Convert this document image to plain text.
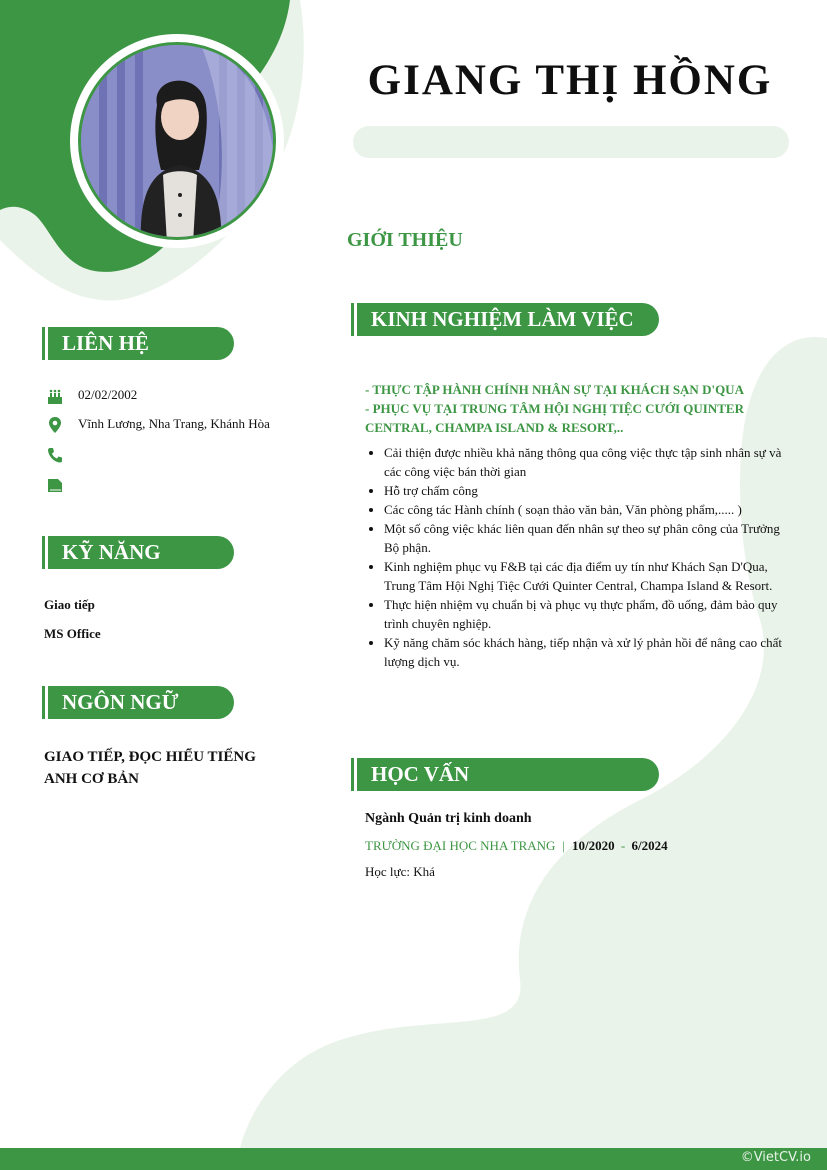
GIANG THỊ HỒNG
GIỚI THIỆU
LIÊN HỆ
02/02/2002
Vĩnh Lương, Nha Trang, Khánh Hòa
KỸ NĂNG
Giao tiếp
MS Office
NGÔN NGỮ
GIAO TIẾP, ĐỌC HIỂU TIẾNG ANH CƠ BẢN
KINH NGHIỆM LÀM VIỆC
- THỰC TẬP HÀNH CHÍNH NHÂN SỰ TẠI KHÁCH SẠN D'QUA
- PHỤC VỤ TẠI TRUNG TÂM HỘI NGHỊ TIỆC CƯỚI QUINTER
CENTRAL, CHAMPA ISLAND & RESORT,..
• Cải thiện được nhiều khả năng thông qua công việc thực tập sinh nhân sự và các công việc bán thời gian
• Hỗ trợ chấm công
• Các công tác Hành chính ( soạn thảo văn bản, Văn phòng phẩm,..... )
• Một số công việc khác liên quan đến nhân sự theo sự phân công của Trưởng Bộ phận.
• Kinh nghiệm phục vụ F&B tại các địa điểm uy tín như Khách Sạn D'Qua, Trung Tâm Hội Nghị Tiệc Cưới Quinter Central, Champa Island & Resort.
• Thực hiện nhiệm vụ chuẩn bị và phục vụ thực phẩm, đồ uống, đảm bảo quy trình chuyên nghiệp.
• Kỹ năng chăm sóc khách hàng, tiếp nhận và xử lý phản hồi để nâng cao chất lượng dịch vụ.
HỌC VẤN
Ngành Quản trị kinh doanh
TRƯỜNG ĐẠI HỌC NHA TRANG | 10/2020 - 6/2024
Học lực: Khá
©VietCV.io
